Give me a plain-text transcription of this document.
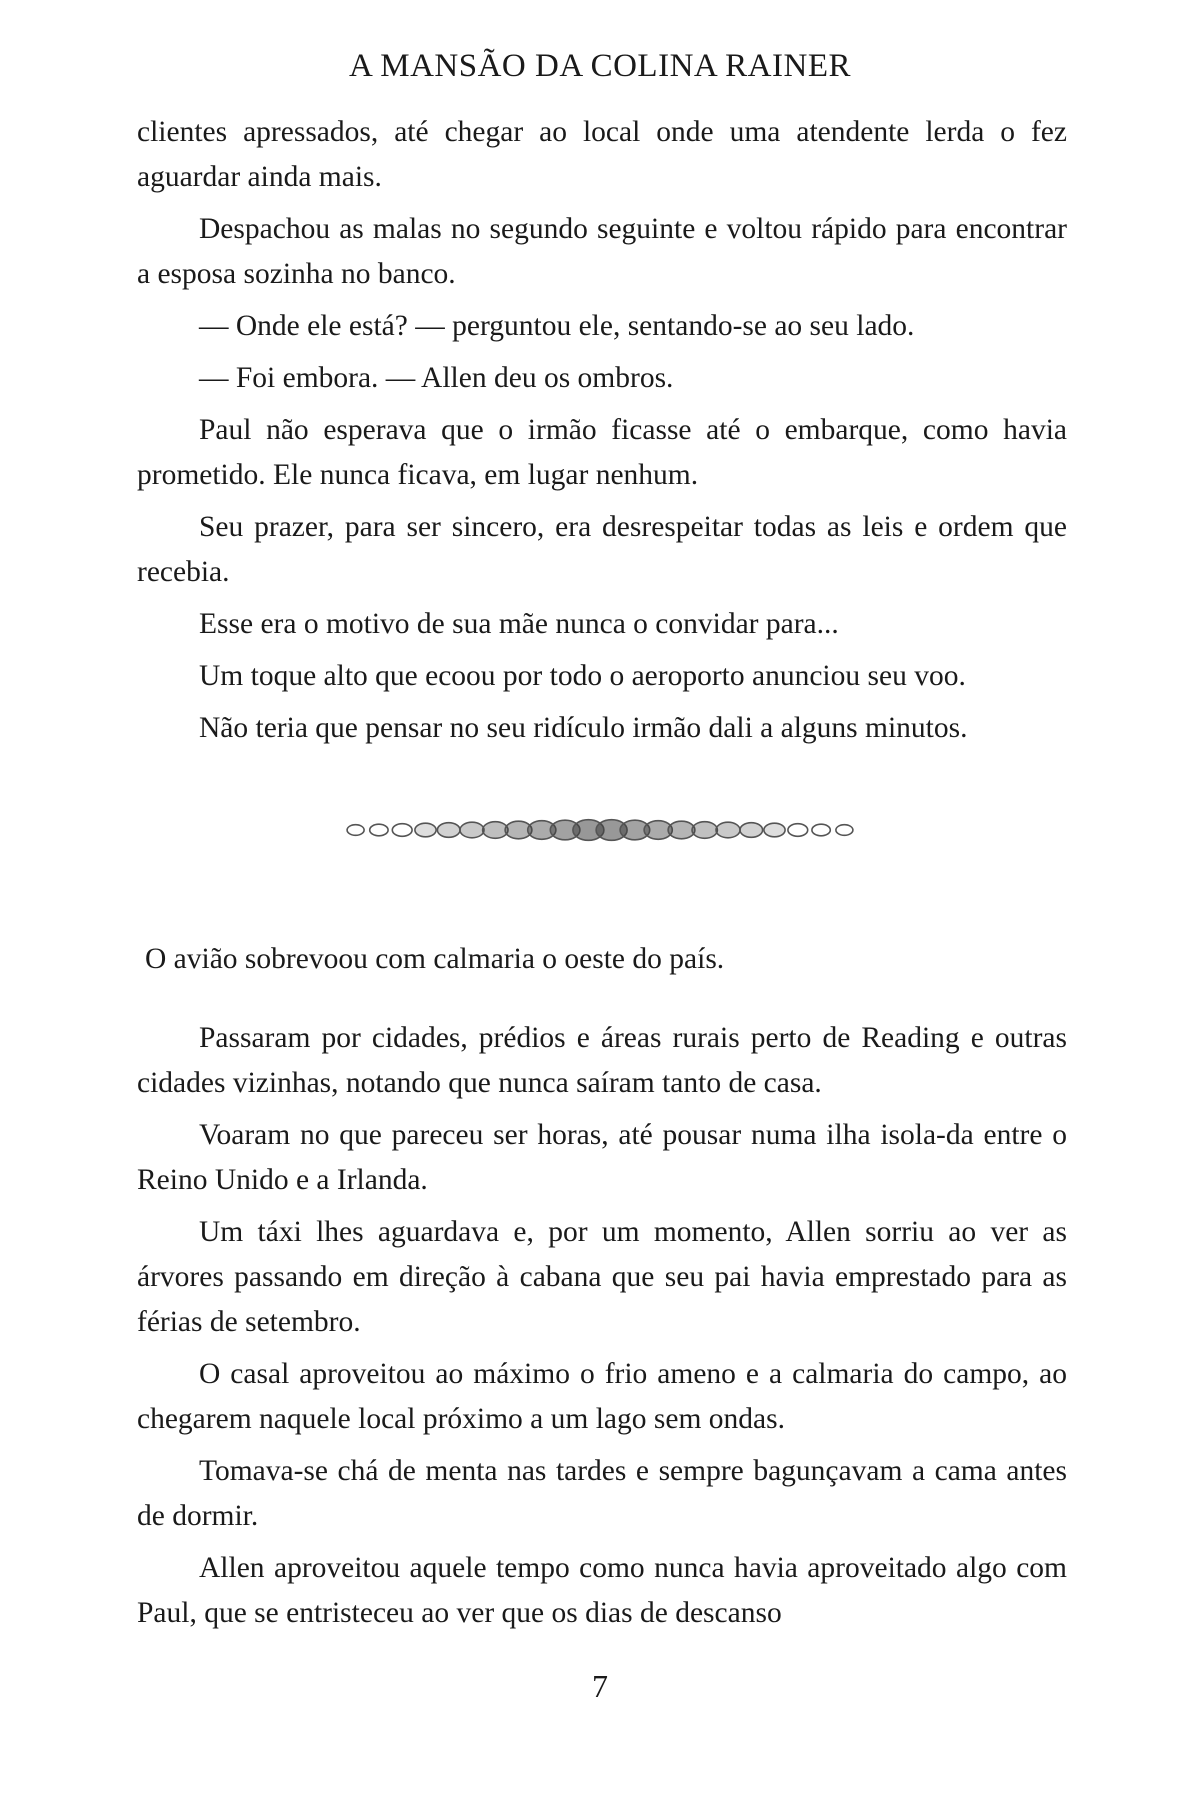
A MANSÃO DA COLINA RAINER

clientes apressados, até chegar ao local onde uma atendente lerda o fez aguardar ainda mais.

Despachou as malas no segundo seguinte e voltou rápido para encontrar a esposa sozinha no banco.

— Onde ele está? — perguntou ele, sentando-se ao seu lado.

— Foi embora. — Allen deu os ombros.

Paul não esperava que o irmão ficasse até o embarque, como havia prometido. Ele nunca ficava, em lugar nenhum.

Seu prazer, para ser sincero, era desrespeitar todas as leis e ordem que recebia.

Esse era o motivo de sua mãe nunca o convidar para...

Um toque alto que ecoou por todo o aeroporto anunciou seu voo.

Não teria que pensar no seu ridículo irmão dali a alguns minutos.

O avião sobrevoou com calmaria o oeste do país.

Passaram por cidades, prédios e áreas rurais perto de Reading e outras cidades vizinhas, notando que nunca saíram tanto de casa.

Voaram no que pareceu ser horas, até pousar numa ilha isola-da entre o Reino Unido e a Irlanda.

Um táxi lhes aguardava e, por um momento, Allen sorriu ao ver as árvores passando em direção à cabana que seu pai havia emprestado para as férias de setembro.

O casal aproveitou ao máximo o frio ameno e a calmaria do campo, ao chegarem naquele local próximo a um lago sem ondas.

Tomava-se chá de menta nas tardes e sempre bagunçavam a cama antes de dormir.

Allen aproveitou aquele tempo como nunca havia aproveitado algo com Paul, que se entristeceu ao ver que os dias de descanso

7
